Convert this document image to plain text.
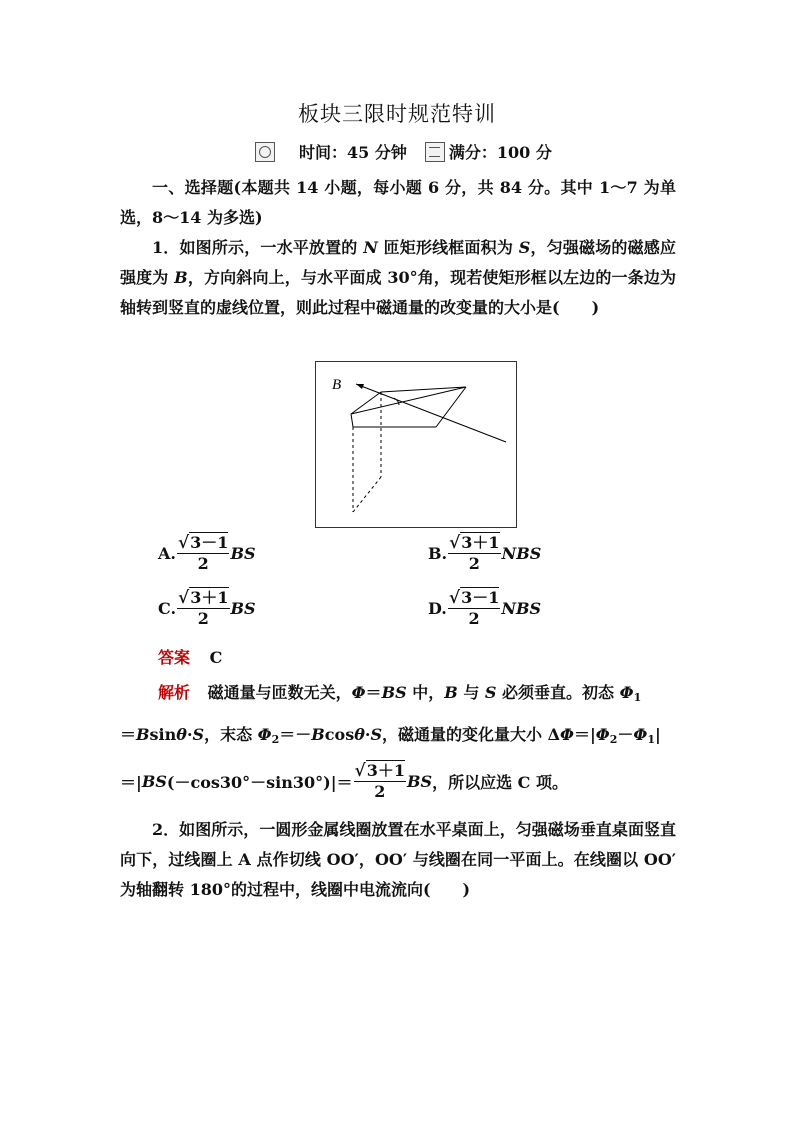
板块三限时规范特训
时间：45 分钟	满分：100 分
一、选择题(本题共 14 小题，每小题 6 分，共 84 分。其中 1～7 为单选，8～14 为多选)
1．如图所示，一水平放置的 N 匝矩形线框面积为 S，匀强磁场的磁感应强度为 B，方向斜向上，与水平面成 30°角，现若使矩形框以左边的一条边为轴转到竖直的虚线位置，则此过程中磁通量的改变量的大小是(　　)
B
A. $\frac{√ 3-1}{2}$ BS	B. $\frac{√ 3+1}{2}$ NBS
C. $\frac{√ 3+1}{2}$ BS	D. $\frac{√ 3-1}{2}$ NBS
答案 C
解析 磁通量与匝数无关，Φ＝BS 中，B 与 S 必须垂直。初态 $\Phi_1$
＝Bsinθ·S，末态 $\Phi_2=-Bcos\theta\cdot S$，磁通量的变化量大小 $\Delta\Phi=|\Phi_2-\Phi_1|$
＝| BS $(-\cos 30^\circ-\sin 30^\circ)|= \frac{√ 3+1}{2}$ BS ，所以应选 C 项。
2．如图所示，一圆形金属线圈放置在水平桌面上，匀强磁场垂直桌面竖直向下，过线圈上 A 点作切线 OO′，OO′ 与线圈在同一平面上。在线圈以 OO′ 为轴翻转 180°的过程中，线圈中电流流向(　　)
